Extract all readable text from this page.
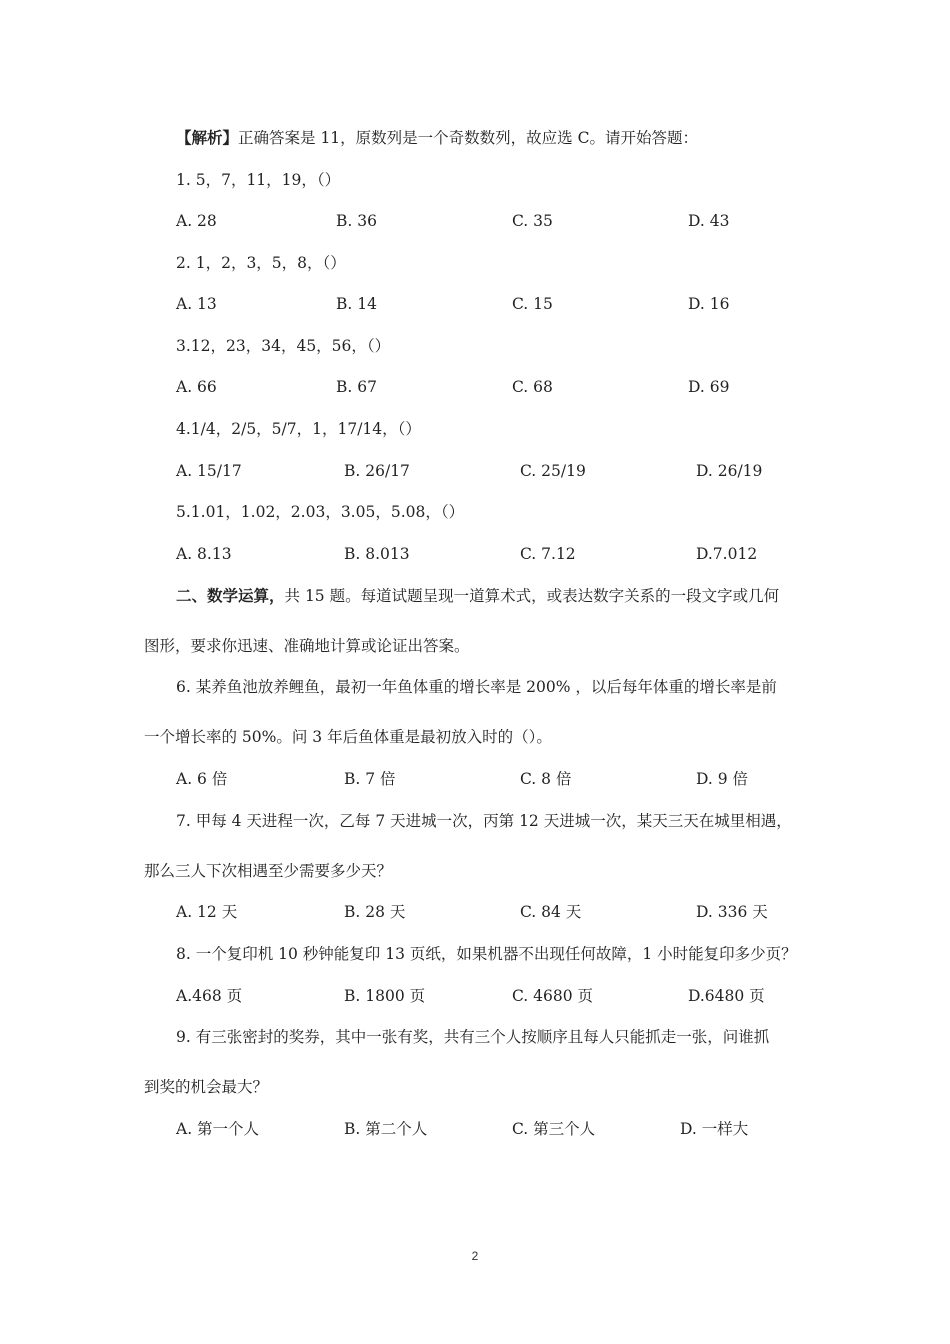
【解析】正确答案是 11，原数列是一个奇数数列，故应选 C。请开始答题：
1. 5，7，11，19，（）
A. 28	B. 36	C. 35	D. 43
2. 1，2，3，5，8，（）
A. 13	B. 14	C. 15	D. 16
3.12，23，34，45，56，（）
A. 66	B. 67	C. 68	D. 69
4.1/4，2/5，5/7，1，17/14，（）
A. 15/17	B. 26/17	C. 25/19	D. 26/19
5.1.01，1.02，2.03，3.05，5.08，（）
A. 8.13	B. 8.013	C. 7.12	D.7.012
二、数学运算，共 15 题。每道试题呈现一道算术式，或表达数字关系的一段文字或几何
图形，要求你迅速、准确地计算或论证出答案。
6. 某养鱼池放养鲤鱼，最初一年鱼体重的增长率是 200% ，以后每年体重的增长率是前
一个增长率的 50%。问 3 年后鱼体重是最初放入时的（）。
A. 6 倍	B. 7 倍	C. 8 倍	D. 9 倍
7. 甲每 4 天进程一次，乙每 7 天进城一次，丙第 12 天进城一次，某天三天在城里相遇，
那么三人下次相遇至少需要多少天？
A. 12 天	B. 28 天	C. 84 天	D. 336 天
8. 一个复印机 10 秒钟能复印 13 页纸，如果机器不出现任何故障，1 小时能复印多少页？
A.468 页	B. 1800 页	C. 4680 页	D.6480 页
9. 有三张密封的奖券，其中一张有奖，共有三个人按顺序且每人只能抓走一张，问谁抓
到奖的机会最大？
A. 第一个人	B. 第二个人	C. 第三个人	D. 一样大
2
